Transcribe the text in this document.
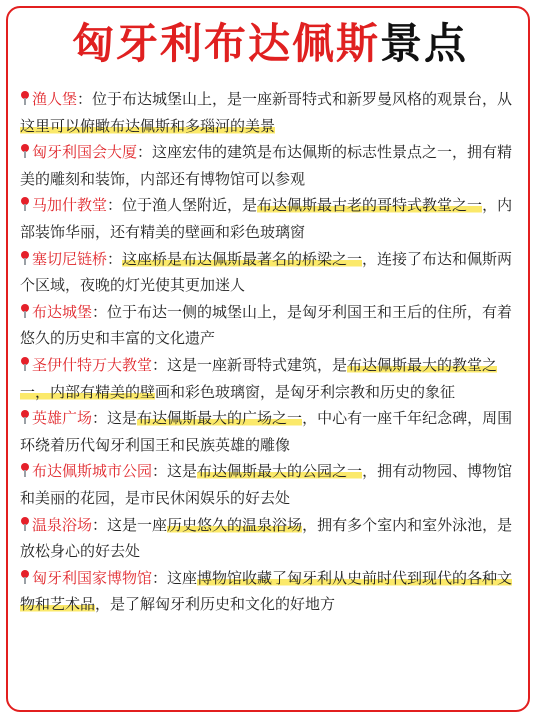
匈牙利布达佩斯景点

渔人堡：位于布达城堡山上，是一座新哥特式和新罗曼风格的观景台，从这里可以俯瞰布达佩斯和多瑙河的美景

匈牙利国会大厦：这座宏伟的建筑是布达佩斯的标志性景点之一，拥有精美的雕刻和装饰，内部还有博物馆可以参观

马加什教堂：位于渔人堡附近，是布达佩斯最古老的哥特式教堂之一，内部装饰华丽，还有精美的壁画和彩色玻璃窗

塞切尼链桥：这座桥是布达佩斯最著名的桥梁之一，连接了布达和佩斯两个区域，夜晚的灯光使其更加迷人

布达城堡：位于布达一侧的城堡山上，是匈牙利国王和王后的住所，有着悠久的历史和丰富的文化遗产

圣伊什特万大教堂：这是一座新哥特式建筑，是布达佩斯最大的教堂之一，内部有精美的壁画和彩色玻璃窗，是匈牙利宗教和历史的象征

英雄广场：这是布达佩斯最大的广场之一，中心有一座千年纪念碑，周围环绕着历代匈牙利国王和民族英雄的雕像

布达佩斯城市公园：这是布达佩斯最大的公园之一，拥有动物园、博物馆和美丽的花园，是市民休闲娱乐的好去处

温泉浴场：这是一座历史悠久的温泉浴场，拥有多个室内和室外泳池，是放松身心的好去处

匈牙利国家博物馆：这座博物馆收藏了匈牙利从史前时代到现代的各种文物和艺术品，是了解匈牙利历史和文化的好地方
